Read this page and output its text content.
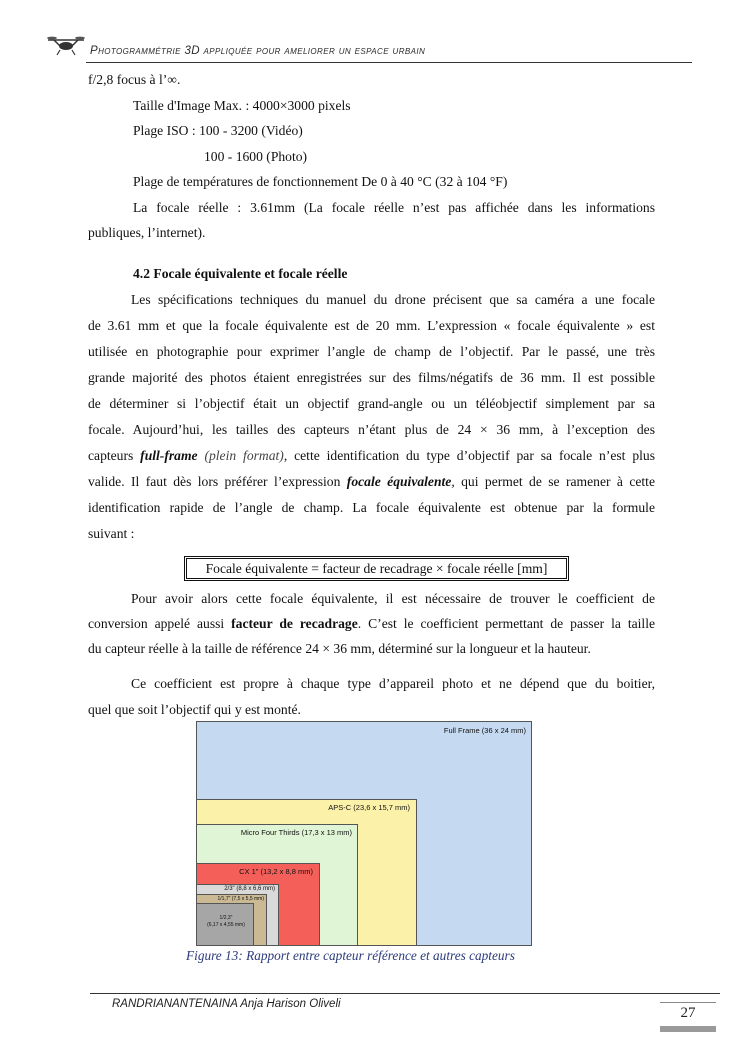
Photogrammétrie 3D appliquée pour ameliorer un espace urbain
f/2,8 focus à l’∞.
Taille d'Image Max. : 4000×3000 pixels
Plage ISO : 100 - 3200 (Vidéo)
100 - 1600 (Photo)
Plage de températures de fonctionnement De 0 à 40 °C (32 à 104 °F)
La focale réelle : 3.61mm (La focale réelle n’est pas affichée dans les informations
publiques, l’internet).
4.2 Focale équivalente et focale réelle
Les spécifications techniques du manuel du drone précisent que sa caméra a une focale
de 3.61 mm et que la focale équivalente est de 20 mm. L’expression « focale équivalente » est
utilisée en photographie pour exprimer l’angle de champ de l’objectif. Par le passé, une très
grande majorité des photos étaient enregistrées sur des films/négatifs de 36 mm. Il est possible
de déterminer si l’objectif était un objectif grand-angle ou un téléobjectif simplement par sa
focale. Aujourd’hui, les tailles des capteurs n’étant plus de 24 × 36 mm, à l’exception des
capteurs full-frame (plein format), cette identification du type d’objectif par sa focale n’est plus
valide. Il faut dès lors préférer l’expression focale équivalente, qui permet de se ramener à cette
identification rapide de l’angle de champ. La focale équivalente est obtenue par la formule
suivant :
Focale équivalente = facteur de recadrage × focale réelle [mm]
Pour avoir alors cette focale équivalente, il est nécessaire de trouver le coefficient de
conversion appelé aussi facteur de recadrage. C’est le coefficient permettant de passer la taille
du capteur réelle à la taille de référence 24 × 36 mm, déterminé sur la longueur et la hauteur.
Ce coefficient est propre à chaque type d’appareil photo et ne dépend que du boitier,
quel que soit l’objectif qui y est monté.
Full Frame (36 x 24 mm)
APS-C (23,6 x 15,7 mm)
Micro Four Thirds (17,3 x 13 mm)
CX 1" (13,2 x 8,8 mm)
2/3" (8,8 x 6,6 mm)
1/1,7" (7,5 x 5,5 mm)
1/2,3"
(6,17 x 4,55 mm)
Figure 13: Rapport entre capteur référence et autres capteurs
RANDRIANANTENAINA Anja Harison Oliveli
27
